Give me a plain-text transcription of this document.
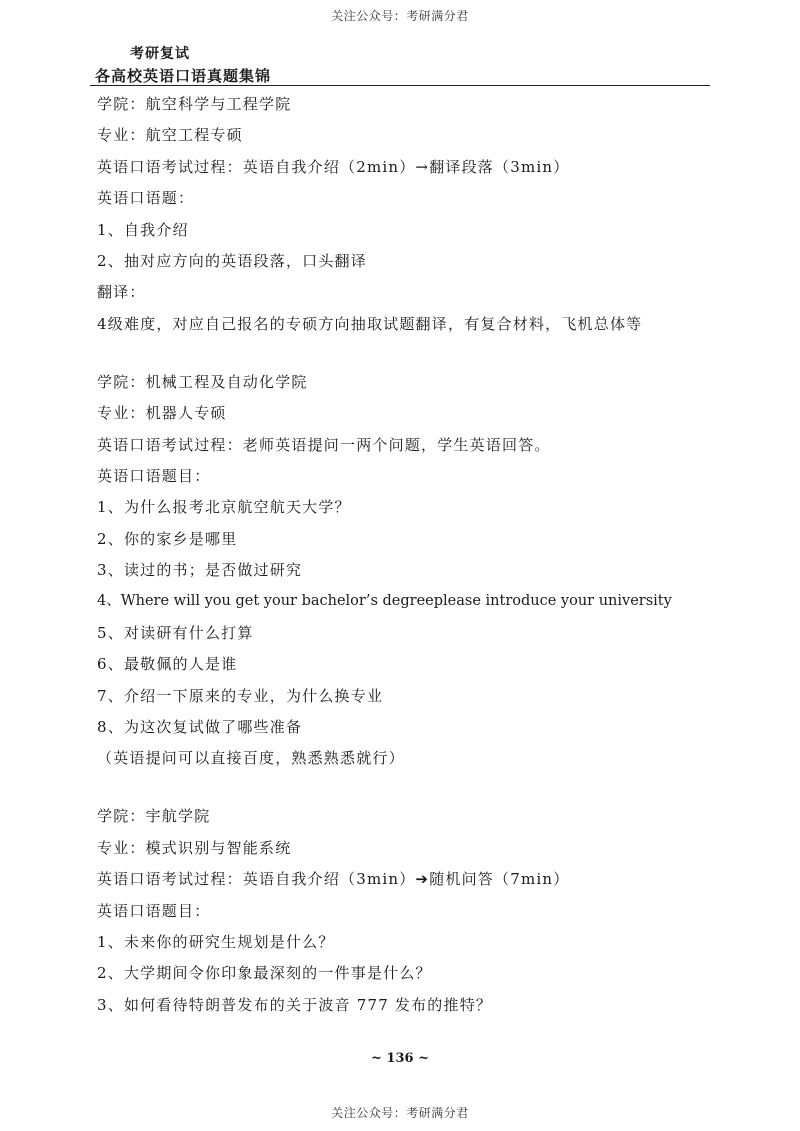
关注公众号：考研满分君
考研复试
各高校英语口语真题集锦
学院：航空科学与工程学院
专业：航空工程专硕
英语口语考试过程：英语自我介绍（2min）→翻译段落（3min）
英语口语题：
1、自我介绍
2、抽对应方向的英语段落，口头翻译
翻译：
4级难度，对应自己报名的专硕方向抽取试题翻译，有复合材料，飞机总体等
学院：机械工程及自动化学院
专业：机器人专硕
英语口语考试过程：老师英语提问一两个问题，学生英语回答。
英语口语题目：
1、为什么报考北京航空航天大学？
2、你的家乡是哪里
3、读过的书；是否做过研究
4、Where will you get your bachelor’s degreeplease introduce your university
5、对读研有什么打算
6、最敬佩的人是谁
7、介绍一下原来的专业，为什么换专业
8、为这次复试做了哪些准备
（英语提问可以直接百度，熟悉熟悉就行）
学院：宇航学院
专业：模式识别与智能系统
英语口语考试过程：英语自我介绍（3min）➔随机问答（7min）
英语口语题目：
1、未来你的研究生规划是什么？
2、大学期间令你印象最深刻的一件事是什么？
3、如何看待特朗普发布的关于波音 777 发布的推特？
~ 136 ~
关注公众号：考研满分君
